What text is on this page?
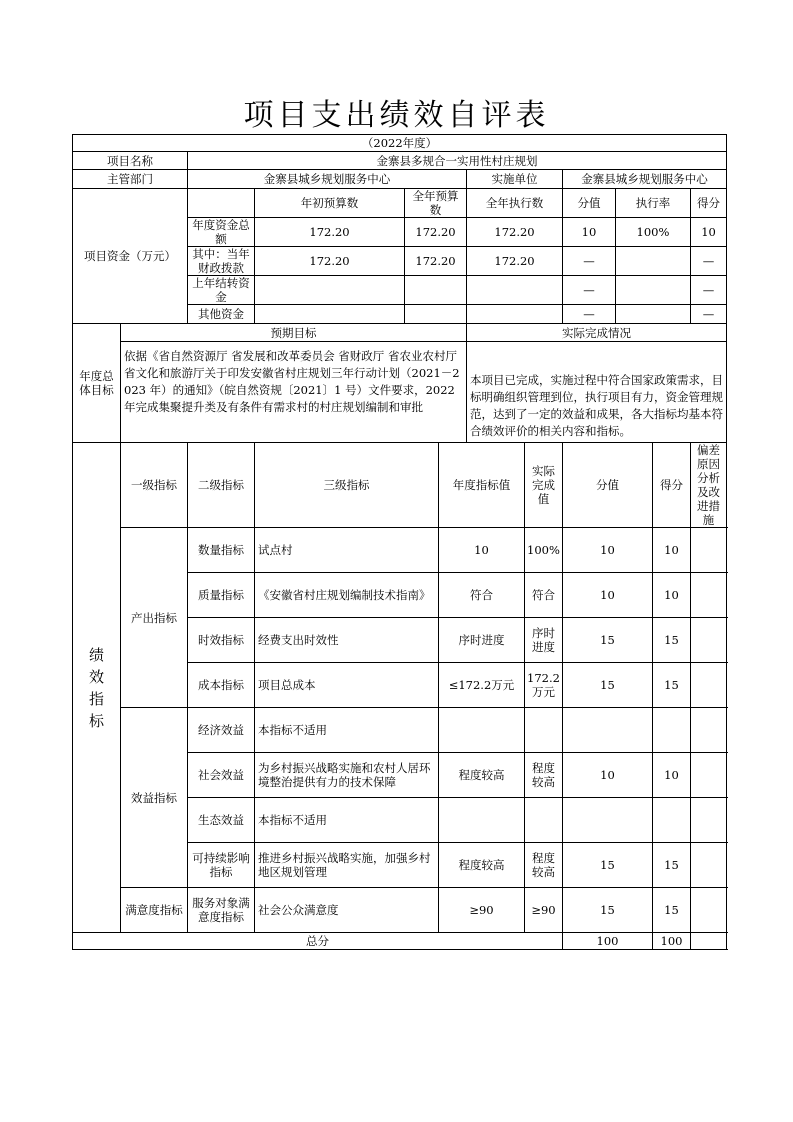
项目支出绩效自评表
（2022年度）											
项目名称		金寨县多规合一实用性村庄规划									
主管部门		金寨县城乡规划服务中心				实施单位		金寨县城乡规划服务中心			
项目资金（万元）			年初预算数	全年预算数		全年执行数		分值	执行率		得分
		年度资金总额	172.20	172.20		172.20		10	100%		10
		其中：当年财政拨款	172.20	172.20		172.20		—			—
		上年结转资金						—			—
		其他资金						—			—
年度总体目标	预期目标					实际完成情况					
	依据《省自然资源厅 省发展和改革委员会 省财政厅 省农业农村厅省文化和旅游厅关于印发安徽省村庄规划三年行动计划（2021－2023 年）的通知》（皖自然资规〔2021〕1 号）文件要求，2022年完成集聚提升类及有条件有需求村的村庄规划编制和审批					本项目已完成，实施过程中符合国家政策需求，目标明确组织管理到位，执行项目有力，资金管理规范，达到了一定的效益和成果，各大指标均基本符合绩效评价的相关内容和指标。					
绩效指标	一级指标	二级指标	三级指标		年度指标值		实际完成值	分值		得分	偏差原因分析及改进措施
	产出指标	数量指标	试点村		10		100%	10		10	
		质量指标	《安徽省村庄规划编制技术指南》		符合		符合	10		10	
		时效指标	经费支出时效性		序时进度		序时进度	15		15	
		成本指标	项目总成本		≤172.2万元		172.2万元	15		15	
	效益指标	经济效益	本指标不适用								
		社会效益	为乡村振兴战略实施和农村人居环境整治提供有力的技术保障		程度较高		程度较高	10		10	
		生态效益	本指标不适用								
		可持续影响指标	推进乡村振兴战略实施，加强乡村地区规划管理		程度较高		程度较高	15		15	
	满意度指标	服务对象满意度指标	社会公众满意度		≥90		≥90	15		15	
总分								100		100	
